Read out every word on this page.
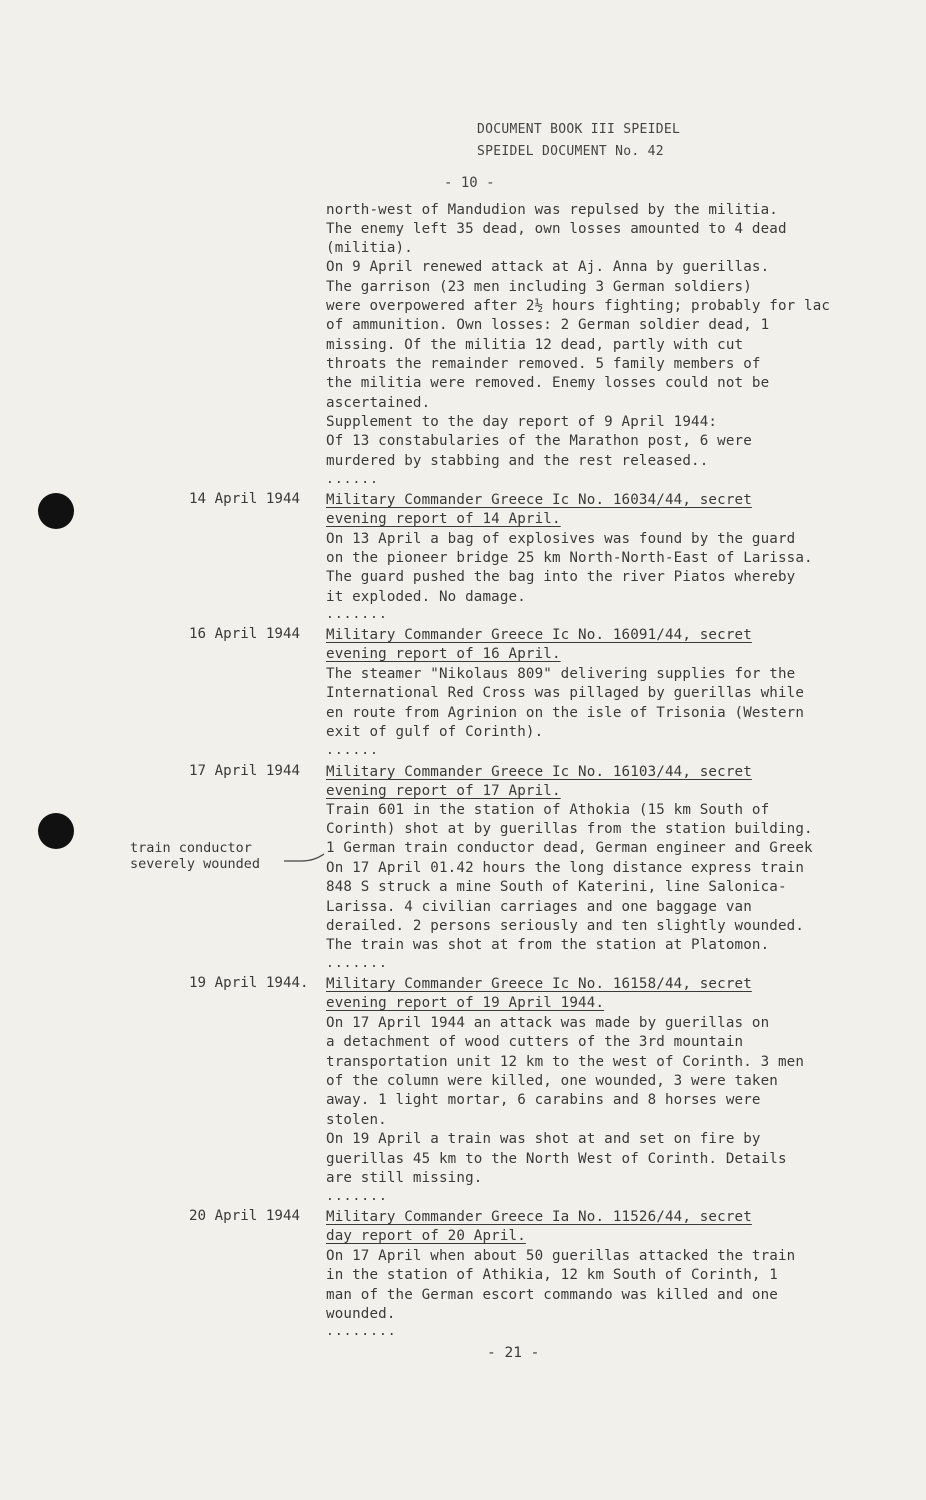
DOCUMENT BOOK III SPEIDEL
SPEIDEL DOCUMENT No. 42
- 10 -
north-west of Mandudion was repulsed by the militia.
The enemy left 35 dead, own losses amounted to 4 dead
(militia).
On 9 April renewed attack at Aj. Anna by guerillas.
The garrison (23 men including 3 German soldiers)
were overpowered after 2½ hours fighting; probably for lac
of ammunition. Own losses: 2 German soldier dead, 1
missing. Of the militia 12 dead, partly with cut
throats the remainder removed. 5 family members of
the militia were removed. Enemy losses could not be
ascertained.
Supplement to the day report of 9 April 1944:
Of 13 constabularies of the Marathon post, 6 were
murdered by stabbing and the rest released..
......
14 April 1944 Military Commander Greece Ic No. 16034/44, secret
evening report of 14 April.
On 13 April a bag of explosives was found by the guard
on the pioneer bridge 25 km North-North-East of Larissa.
The guard pushed the bag into the river Piatos whereby
it exploded. No damage.
.......
16 April 1944 Military Commander Greece Ic No. 16091/44, secret
evening report of 16 April.
The steamer "Nikolaus 809" delivering supplies for the
International Red Cross was pillaged by guerillas while
en route from Agrinion on the isle of Trisonia (Western
exit of gulf of Corinth).
......
17 April 1944 Military Commander Greece Ic No. 16103/44, secret
evening report of 17 April.
Train 601 in the station of Athokia (15 km South of
Corinth) shot at by guerillas from the station building.
1 German train conductor dead, German engineer and Greek
On 17 April 01.42 hours the long distance express train
848 S struck a mine South of Katerini, line Salonica-
Larissa. 4 civilian carriages and one baggage van
derailed. 2 persons seriously and ten slightly wounded.
The train was shot at from the station at Platomon.
train conductor
severely wounded
.......
19 April 1944. Military Commander Greece Ic No. 16158/44, secret
evening report of 19 April 1944.
On 17 April 1944 an attack was made by guerillas on
a detachment of wood cutters of the 3rd mountain
transportation unit 12 km to the west of Corinth. 3 men
of the column were killed, one wounded, 3 were taken
away. 1 light mortar, 6 carabins and 8 horses were
stolen.
On 19 April a train was shot at and set on fire by
guerillas 45 km to the North West of Corinth. Details
are still missing.
.......
20 April 1944 Military Commander Greece Ia No. 11526/44, secret
day report of 20 April.
On 17 April when about 50 guerillas attacked the train
in the station of Athikia, 12 km South of Corinth, 1
man of the German escort commando was killed and one
wounded.
........
- 21 -
